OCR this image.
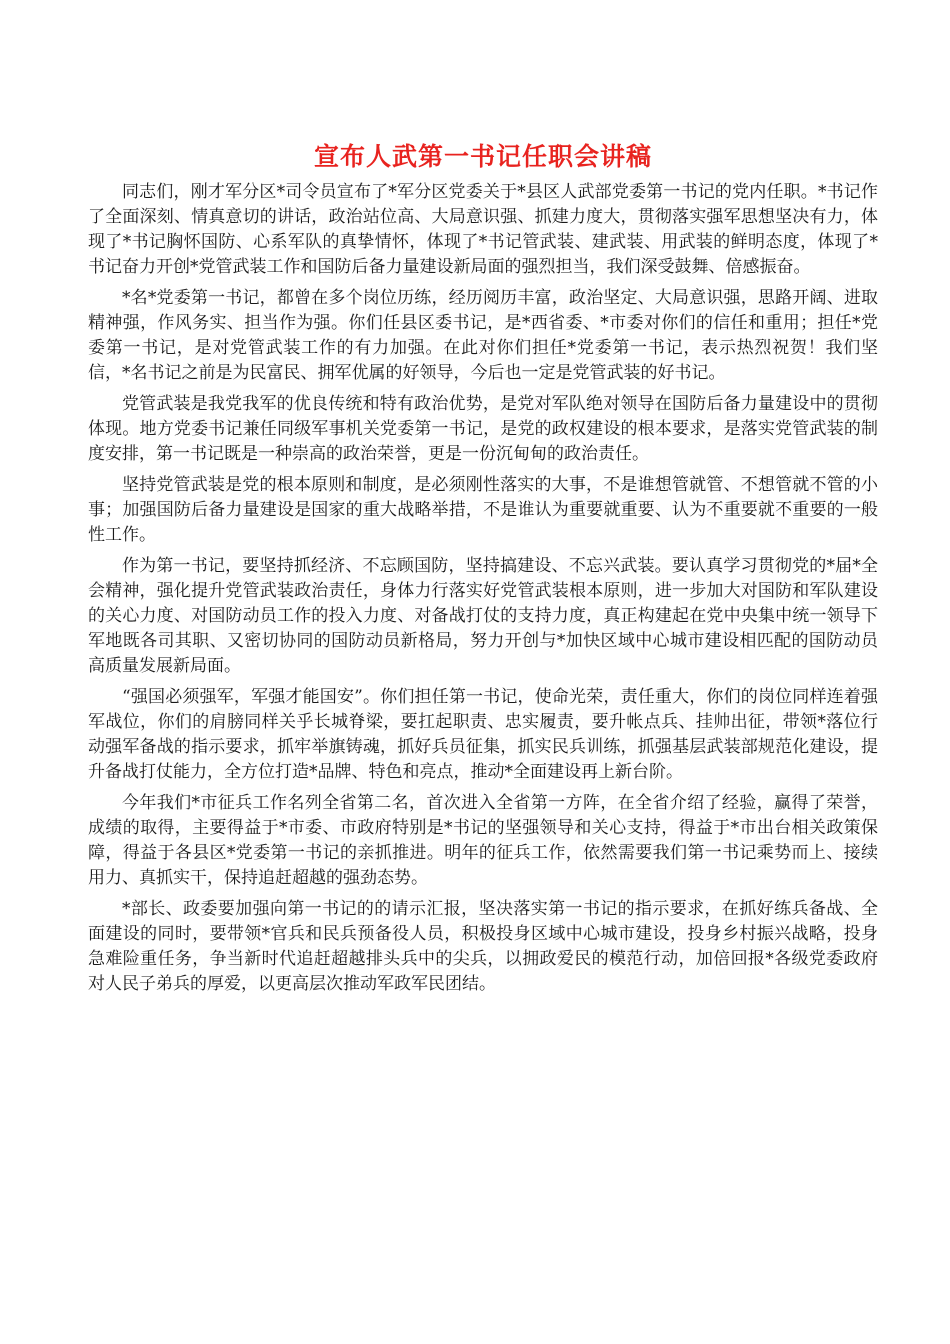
宣布人武第一书记任职会讲稿

同志们，刚才军分区*司令员宣布了*军分区党委关于*县区人武部党委第一书记的党内任职。*书记作了全面深刻、情真意切的讲话，政治站位高、大局意识强、抓建力度大，贯彻落实强军思想坚决有力，体现了*书记胸怀国防、心系军队的真挚情怀，体现了*书记管武装、建武装、用武装的鲜明态度，体现了*书记奋力开创*党管武装工作和国防后备力量建设新局面的强烈担当，我们深受鼓舞、倍感振奋。

*名*党委第一书记，都曾在多个岗位历练，经历阅历丰富，政治坚定、大局意识强，思路开阔、进取精神强，作风务实、担当作为强。你们任县区委书记，是*西省委、*市委对你们的信任和重用；担任*党委第一书记，是对党管武装工作的有力加强。在此对你们担任*党委第一书记，表示热烈祝贺！我们坚信，*名书记之前是为民富民、拥军优属的好领导，今后也一定是党管武装的好书记。

党管武装是我党我军的优良传统和特有政治优势，是党对军队绝对领导在国防后备力量建设中的贯彻体现。地方党委书记兼任同级军事机关党委第一书记，是党的政权建设的根本要求，是落实党管武装的制度安排，第一书记既是一种崇高的政治荣誉，更是一份沉甸甸的政治责任。

坚持党管武装是党的根本原则和制度，是必须刚性落实的大事，不是谁想管就管、不想管就不管的小事；加强国防后备力量建设是国家的重大战略举措，不是谁认为重要就重要、认为不重要就不重要的一般性工作。

作为第一书记，要坚持抓经济、不忘顾国防，坚持搞建设、不忘兴武装。要认真学习贯彻党的*届*全会精神，强化提升党管武装政治责任，身体力行落实好党管武装根本原则，进一步加大对国防和军队建设的关心力度、对国防动员工作的投入力度、对备战打仗的支持力度，真正构建起在党中央集中统一领导下军地既各司其职、又密切协同的国防动员新格局，努力开创与*加快区域中心城市建设相匹配的国防动员高质量发展新局面。

“强国必须强军，军强才能国安”。你们担任第一书记，使命光荣，责任重大，你们的岗位同样连着强军战位，你们的肩膀同样关乎长城脊梁，要扛起职责、忠实履责，要升帐点兵、挂帅出征，带领*落位行动强军备战的指示要求，抓牢举旗铸魂，抓好兵员征集，抓实民兵训练，抓强基层武装部规范化建设，提升备战打仗能力，全方位打造*品牌、特色和亮点，推动*全面建设再上新台阶。

今年我们*市征兵工作名列全省第二名，首次进入全省第一方阵，在全省介绍了经验，赢得了荣誉，成绩的取得，主要得益于*市委、市政府特别是*书记的坚强领导和关心支持，得益于*市出台相关政策保障，得益于各县区*党委第一书记的亲抓推进。明年的征兵工作，依然需要我们第一书记乘势而上、接续用力、真抓实干，保持追赶超越的强劲态势。

*部长、政委要加强向第一书记的的请示汇报，坚决落实第一书记的指示要求，在抓好练兵备战、全面建设的同时，要带领*官兵和民兵预备役人员，积极投身区域中心城市建设，投身乡村振兴战略，投身急难险重任务，争当新时代追赶超越排头兵中的尖兵，以拥政爱民的模范行动，加倍回报*各级党委政府对人民子弟兵的厚爱，以更高层次推动军政军民团结。
